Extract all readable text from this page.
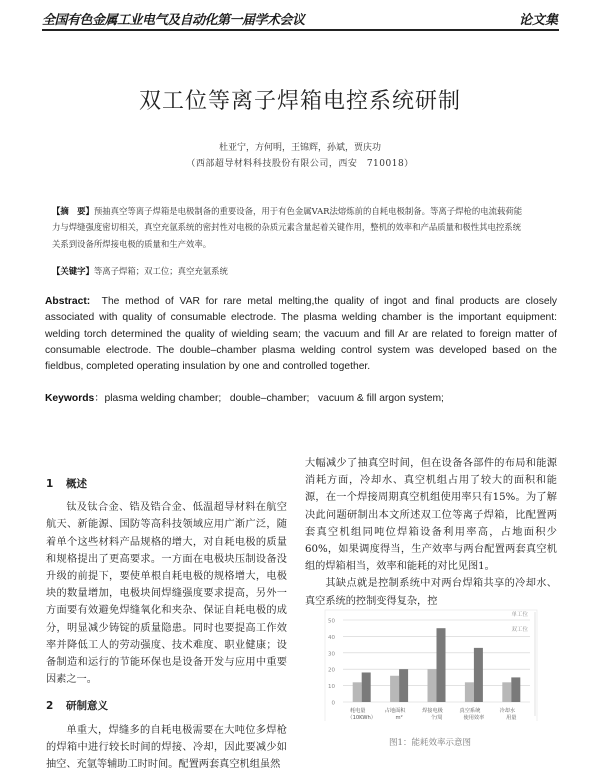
全国有色金属工业电气及自动化第一届学术会议	论文集
双工位等离子焊箱电控系统研制
杜亚宁，方何明，王锦辉，孙斌，贾庆功
（西部超导材料科技股份有限公司，西安　710018）
【摘　要】预抽真空等离子焊箱是电极制备的重要设备，用于有色金属VAR法熔炼前的自耗电极制备。等离子焊枪的电流载荷能力与焊缝强度密切相关，真空充氩系统的密封性对电极的杂质元素含量起着关键作用，整机的效率和产品质量和极性其电控系统关系到设备所焊接电极的质量和生产效率。
【关键字】等离子焊箱；双工位；真空充氩系统
Abstract: The method of VAR for rare metal melting,the quality of ingot and final products are closely associated with quality of consumable electrode. The plasma welding chamber is the important equipment: welding torch determined the quality of wielding seam; the vacuum and fill Ar are related to foreign matter of consumable electrode. The double–chamber plasma welding control system was developed based on the fieldbus, completed operating insulation by one and controlled together.
Keywords：plasma welding chamber;   double–chamber;   vacuum & fill argon system;
1 概述

钛及钛合金、锆及锆合金、低温超导材料在航空航天、新能源、国防等高科技领域应用广渐广泛，随着单个这些材料产品规格的增大，对自耗电极的质量和规格提出了更高要求。一方面在电极块压制设备没升级的前提下，要使单根自耗电极的规格增大，电极块的数量增加，电极块间焊缝强度要求提高，另外一方面要有效避免焊缝氧化和夹杂、保证自耗电极的成分，明显减少铸锭的质量隐患。同时也要提高工作效率并降低工人的劳动强度、技术难度、职业健康；设备制造和运行的节能环保也是设备开发与应用中重要因素之一。

2 研制意义

单重大，焊缝多的自耗电极需要在大吨位多焊枪的焊箱中进行较长时间的焊接、冷却，因此要减少如抽空、充氩等辅助工时时间。配置两套真空机组虽然

大幅减少了抽真空时间，但在设备各部件的布局和能源消耗方面，冷却水、真空机组占用了较大的面积和能源，在一个焊接周期真空机组使用率只有15%。为了解决此问题研制出本文所述双工位等离子焊箱，比配置两套真空机组同吨位焊箱设备利用率高，占地面积少60%，如果调度得当，生产效率与两台配置两套真空机组的焊箱相当，效率和能耗的对比见图1。

其缺点就是控制系统中对两台焊箱共享的冷却水、真空系统的控制变得复杂，控

0
10
20
30
40
50
耗电量
（10KWh）
占地面积
m²
焊接电极
个/周
真空系统
使用效率
冷却水
用量
单工位
双工位
图1：能耗效率示意图
